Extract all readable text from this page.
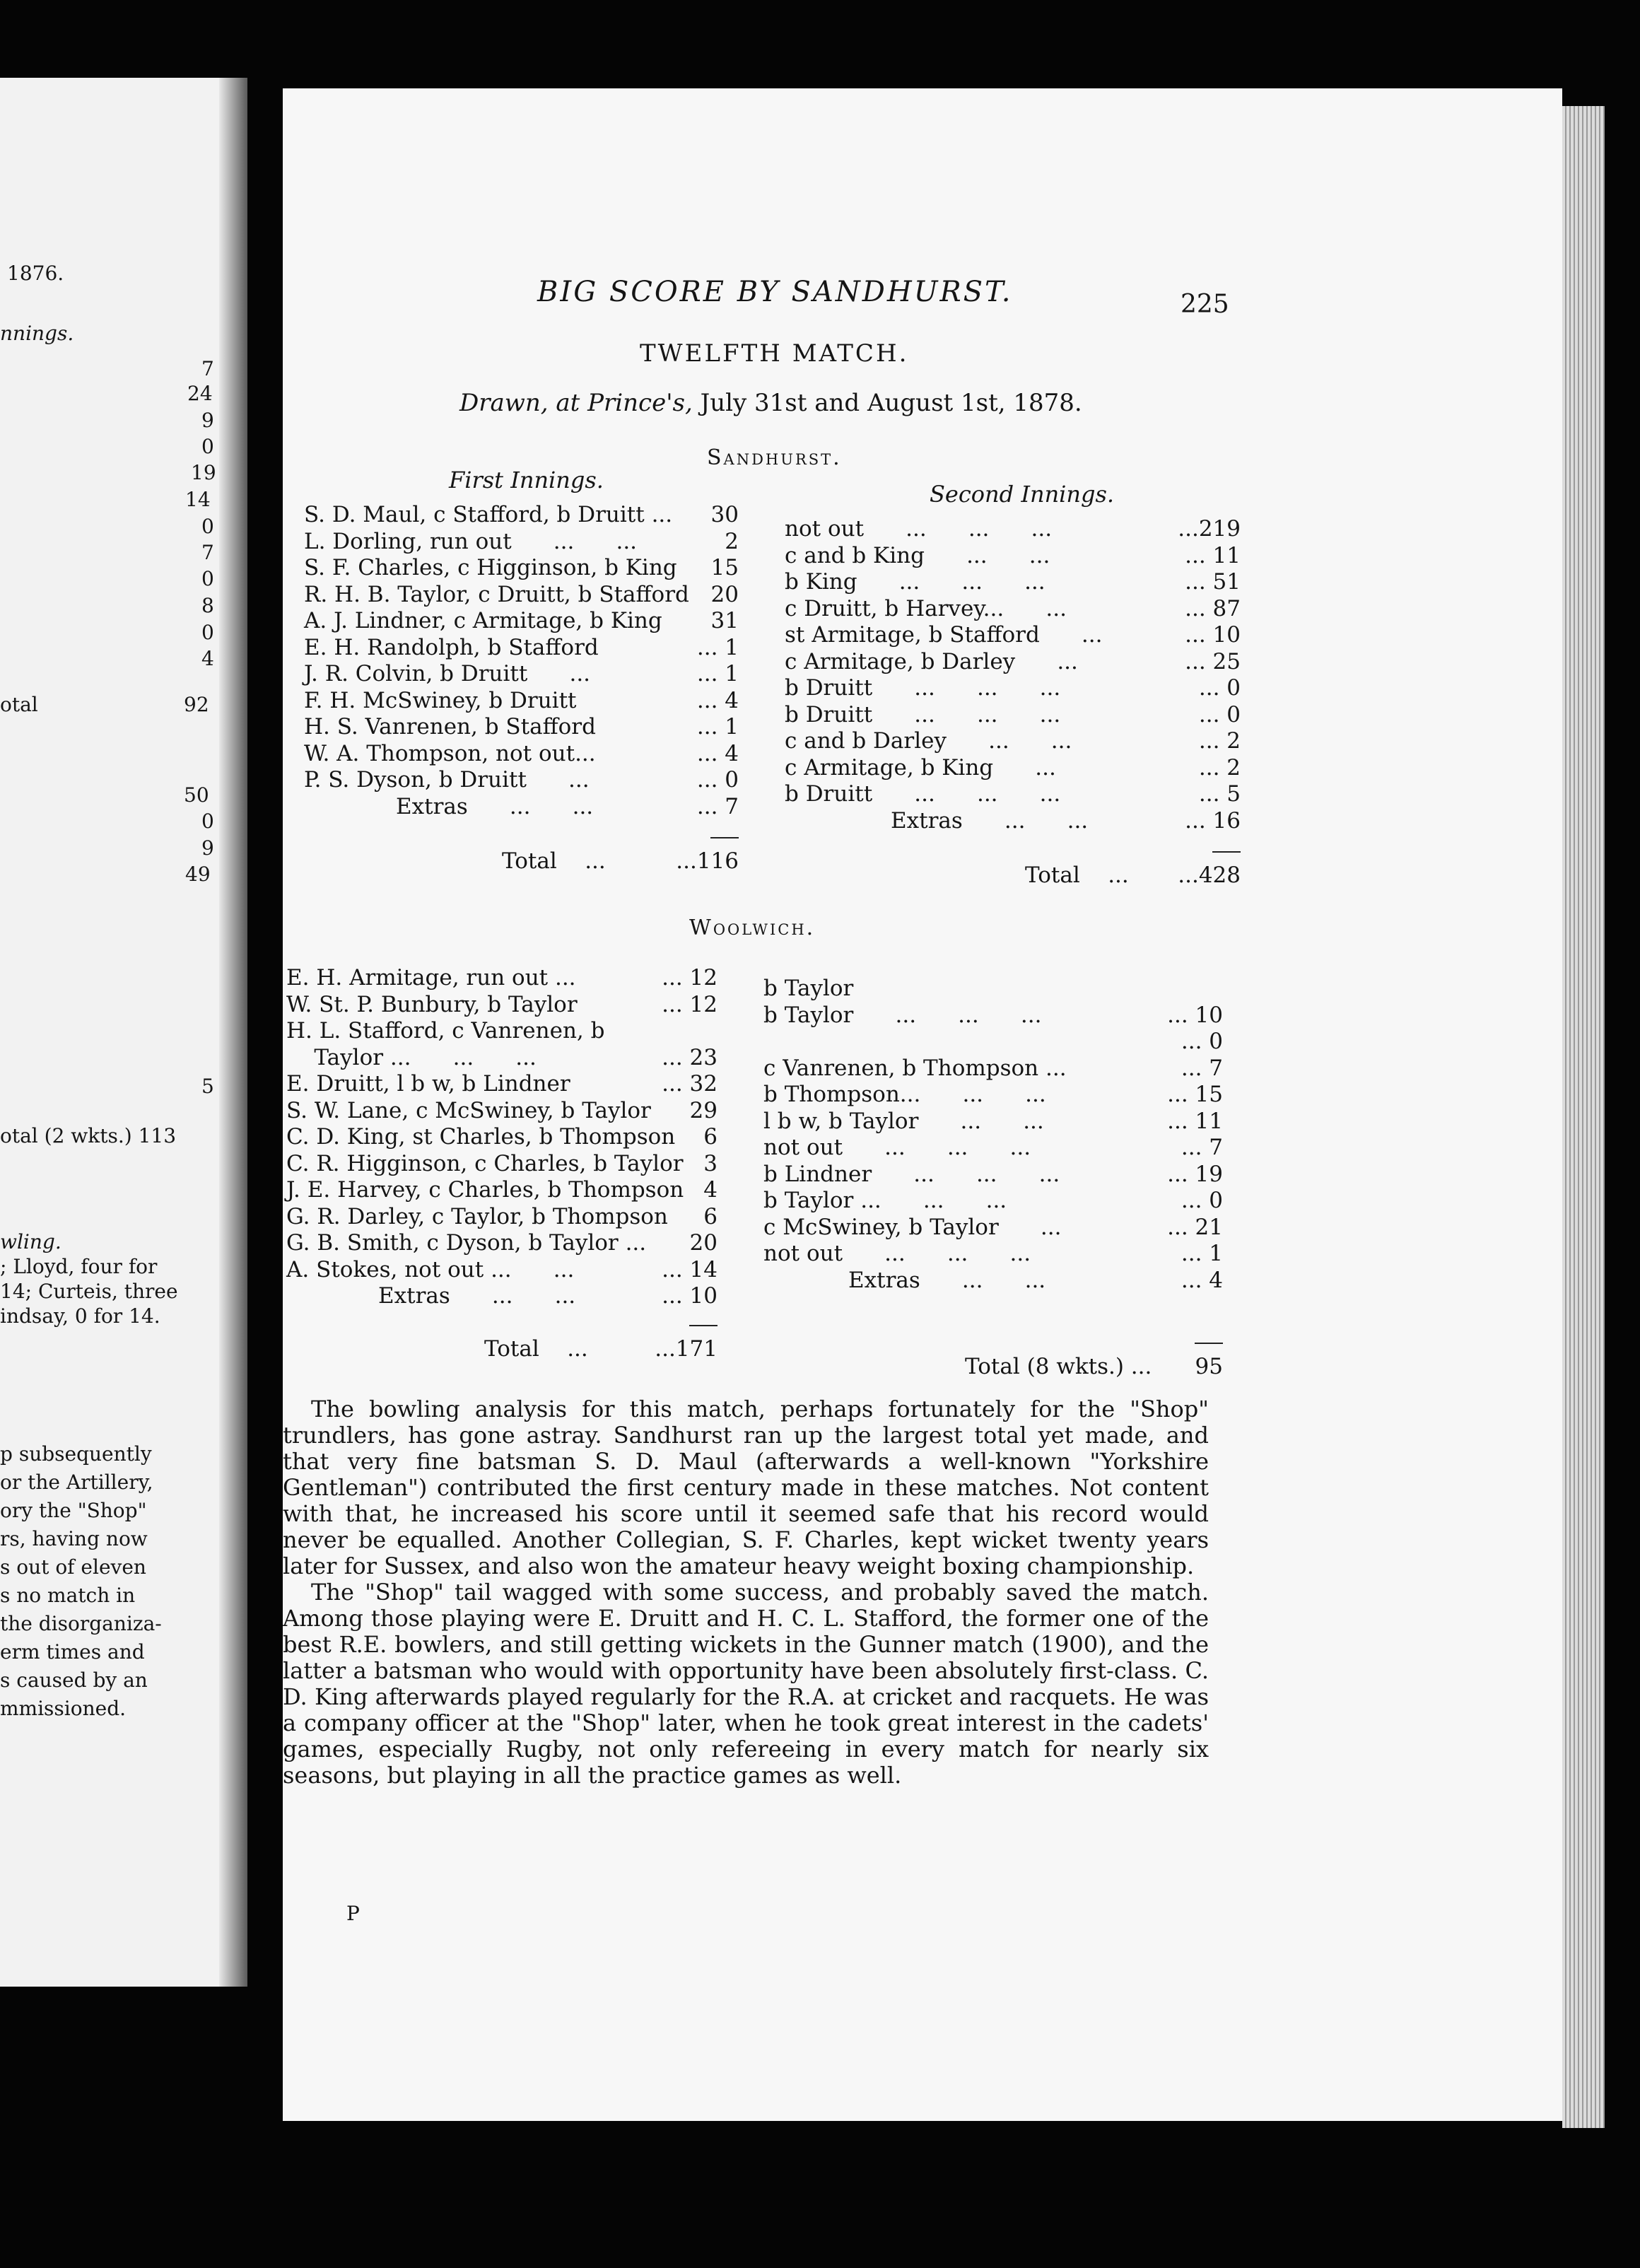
1876.
nnings.
7
24
9
0
19
14
0
7
0
8
0
4
otal	92
50
0
9
49
5
otal (2 wkts.) 113
wling.
; Lloyd, four for
14; Curteis, three
indsay, 0 for 14.
p subsequently
or the Artillery,
ory the "Shop"
rs, having now
s out of eleven
s no match in
the disorganiza-
erm times and
s caused by an
mmissioned.
BIG SCORE BY SANDHURST.	225
TWELFTH MATCH.
Drawn, at Prince's, July 31st and August 1st, 1878.
Sandhurst.
First Innings.
Second Innings.
S. D. Maul, c Stafford, b Druitt ... 30
L. Dorling, run out      ...      ...	2
S. F. Charles, c Higginson, b King 15
R. H. B. Taylor, c Druitt, b Stafford 20
A. J. Lindner, c Armitage, b King 31
E. H. Randolph, b Stafford	... 1
J. R. Colvin, b Druitt      ...	... 1
F. H. McSwiney, b Druitt	... 4
H. S. Vanrenen, b Stafford	... 1
W. A. Thompson, not out...	... 4
P. S. Dyson, b Druitt      ...	... 0
Extras      ...      ...	... 7
Total    ...	...116
not out      ...      ...      ...	...219
c and b King      ...      ...	... 11
b King      ...      ...      ...	... 51
c Druitt, b Harvey...      ...	... 87
st Armitage, b Stafford      ...	... 10
c Armitage, b Darley      ...	... 25
b Druitt      ...      ...      ...	... 0
b Druitt      ...      ...      ...	... 0
c and b Darley      ...      ...	... 2
c Armitage, b King      ...	... 2
b Druitt      ...      ...      ...	... 5
Extras      ...      ...	... 16
Total    ... ...428
Woolwich.
E. H. Armitage, run out ...	... 12
W. St. P. Bunbury, b Taylor	... 12
H. L. Stafford, c Vanrenen, b
Taylor ...      ...      ...	... 23
E. Druitt, l b w, b Lindner	... 32
S. W. Lane, c McSwiney, b Taylor 29
C. D. King, st Charles, b Thompson 6
C. R. Higginson, c Charles, b Taylor 3
J. E. Harvey, c Charles, b Thompson 4
G. R. Darley, c Taylor, b Thompson 6
G. B. Smith, c Dyson, b Taylor ... 20
A. Stokes, not out ...      ...	... 14
Extras      ...      ...	... 10
Total    ...	...171
b Taylor
b Taylor      ...      ...      ...	... 10
... 0
c Vanrenen, b Thompson ...	... 7
b Thompson...      ...      ...	... 15
l b w, b Taylor      ...      ...	... 11
not out      ...      ...      ...	... 7
b Lindner      ...      ...      ...	... 19
b Taylor ...      ...      ...	... 0
c McSwiney, b Taylor      ...	... 21
not out      ...      ...      ...	... 1
Extras      ...      ...	... 4
Total (8 wkts.) ... 95

The bowling analysis for this match, perhaps fortunately for the "Shop" trundlers, has gone astray. Sandhurst ran up the largest total yet made, and that very fine batsman S. D. Maul (afterwards a well-known "Yorkshire Gentleman") contributed the first century made in these matches. Not content with that, he increased his score until it seemed safe that his record would never be equalled. Another Collegian, S. F. Charles, kept wicket twenty years later for Sussex, and also won the amateur heavy weight boxing championship.

The "Shop" tail wagged with some success, and probably saved the match. Among those playing were E. Druitt and H. C. L. Stafford, the former one of the best R.E. bowlers, and still getting wickets in the Gunner match (1900), and the latter a batsman who would with opportunity have been absolutely first-class. C. D. King afterwards played regularly for the R.A. at cricket and racquets. He was a company officer at the "Shop" later, when he took great interest in the cadets' games, especially Rugby, not only refereeing in every match for nearly six seasons, but playing in all the practice games as well.

P
